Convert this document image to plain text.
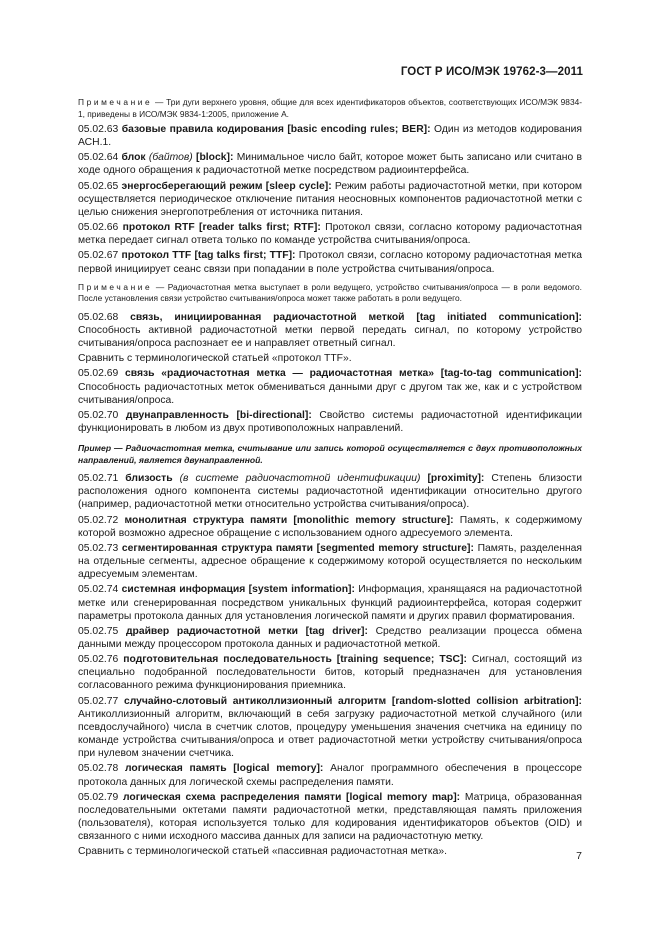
ГОСТ Р ИСО/МЭК 19762-3—2011

Примечание — Три дуги верхнего уровня, общие для всех идентификаторов объектов, соответствующих ИСО/МЭК 9834-1, приведены в ИСО/МЭК 9834-1:2005, приложение А.

05.02.63 базовые правила кодирования [basic encoding rules; BER]: Один из методов кодирования АСН.1.

05.02.64 блок (байтов) [block]: Минимальное число байт, которое может быть записано или считано в ходе одного обращения к радиочастотной метке посредством радиоинтерфейса.

05.02.65 энергосберегающий режим [sleep cycle]: Режим работы радиочастотной метки, при котором осуществляется периодическое отключение питания неосновных компонентов радиочастотной метки с целью снижения энергопотребления от источника питания.

05.02.66 протокол RTF [reader talks first; RTF]: Протокол связи, согласно которому радиочастотная метка передает сигнал ответа только по команде устройства считывания/опроса.

05.02.67 протокол TTF [tag talks first; TTF]: Протокол связи, согласно которому радиочастотная метка первой инициирует сеанс связи при попадании в поле устройства считывания/опроса.

Примечание — Радиочастотная метка выступает в роли ведущего, устройство считывания/опроса — в роли ведомого. После установления связи устройство считывания/опроса может также работать в роли ведущего.

05.02.68 связь, инициированная радиочастотной меткой [tag initiated communication]: Способность активной радиочастотной метки первой передать сигнал, по которому устройство считывания/опроса распознает ее и направляет ответный сигнал.

Сравнить с терминологической статьей «протокол TTF».

05.02.69 связь «радиочастотная метка — радиочастотная метка» [tag-to-tag communication]: Способность радиочастотных меток обмениваться данными друг с другом так же, как и с устройством считывания/опроса.

05.02.70 двунаправленность [bi-directional]: Свойство системы радиочастотной идентификации функционировать в любом из двух противоположных направлений.

Пример — Радиочастотная метка, считывание или запись которой осуществляется с двух противоположных направлений, является двунаправленной.

05.02.71 близость (в системе радиочастотной идентификации) [proximity]: Степень близости расположения одного компонента системы радиочастотной идентификации относительно другого (например, радиочастотной метки относительно устройства считывания/опроса).

05.02.72 монолитная структура памяти [monolithic memory structure]: Память, к содержимому которой возможно адресное обращение с использованием одного адресуемого элемента.

05.02.73 сегментированная структура памяти [segmented memory structure]: Память, разделенная на отдельные сегменты, адресное обращение к содержимому которой осуществляется по нескольким адресуемым элементам.

05.02.74 системная информация [system information]: Информация, хранящаяся на радиочастотной метке или сгенерированная посредством уникальных функций радиоинтерфейса, которая содержит параметры протокола данных для установления логической памяти и других правил форматирования.

05.02.75 драйвер радиочастотной метки [tag driver]: Средство реализации процесса обмена данными между процессором протокола данных и радиочастотной меткой.

05.02.76 подготовительная последовательность [training sequence; TSC]: Сигнал, состоящий из специально подобранной последовательности битов, который предназначен для установления согласованного режима функционирования приемника.

05.02.77 случайно-слотовый антиколлизионный алгоритм [random-slotted collision arbitration]: Антиколлизионный алгоритм, включающий в себя загрузку радиочастотной меткой случайного (или псевдослучайного) числа в счетчик слотов, процедуру уменьшения значения счетчика на единицу по команде устройства считывания/опроса и ответ радиочастотной метки устройству считывания/опроса при нулевом значении счетчика.

05.02.78 логическая память [logical memory]: Аналог программного обеспечения в процессоре протокола данных для логической схемы распределения памяти.

05.02.79 логическая схема распределения памяти [logical memory map]: Матрица, образованная последовательными октетами памяти радиочастотной метки, представляющая память приложения (пользователя), которая используется только для кодирования идентификаторов объектов (OID) и связанного с ними исходного массива данных для записи на радиочастотную метку.

Сравнить с терминологической статьей «пассивная радиочастотная метка».	7
